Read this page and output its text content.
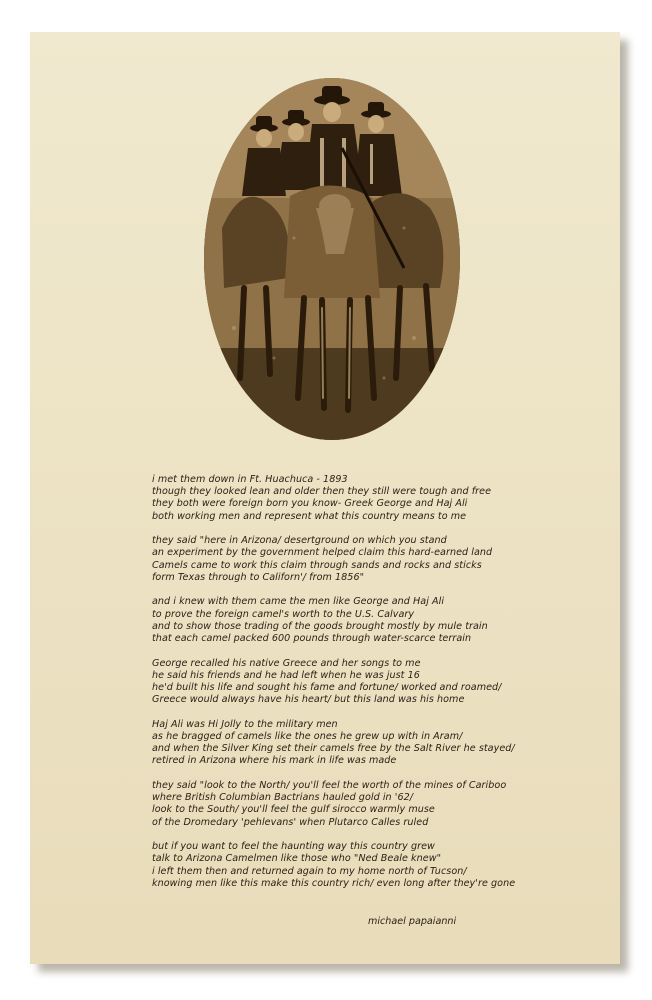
i met them down in Ft. Huachuca - 1893
though they looked lean and older then they still were tough and free
they both were foreign born you know- Greek George and Haj Ali
both working men and represent what this country means to me
they said "here in Arizona/ desertground on which you stand
an experiment by the government helped claim this hard-earned land
Camels came to work this claim through sands and rocks and sticks
form Texas through to Californ'/ from 1856"
and i knew with them came the men like George and Haj Ali
to prove the foreign camel's worth to the U.S. Calvary
and to show those trading of the goods brought mostly by mule train
that each camel packed 600 pounds through water-scarce terrain
George recalled his native Greece and her songs to me
he said his friends and he had left when he was just 16
he'd built his life and sought his fame and fortune/ worked and roamed/
Greece would always have his heart/ but this land was his home
Haj Ali was Hi Jolly to the military men
as he bragged of camels like the ones he grew up with in Aram/
and when the Silver King set their camels free by the Salt River he stayed/
retired in Arizona where his mark in life was made
they said "look to the North/ you'll feel the worth of the mines of Cariboo
where British Columbian Bactrians hauled gold in '62/
look to the South/ you'll feel the gulf sirocco warmly muse
of the Dromedary 'pehlevans' when Plutarco Calles ruled
but if you want to feel the haunting way this country grew
talk to Arizona Camelmen like those who "Ned Beale knew"
i left them then and returned again to my home north of Tucson/
knowing men like this make this country rich/ even long after they're gone
michael papaianni
